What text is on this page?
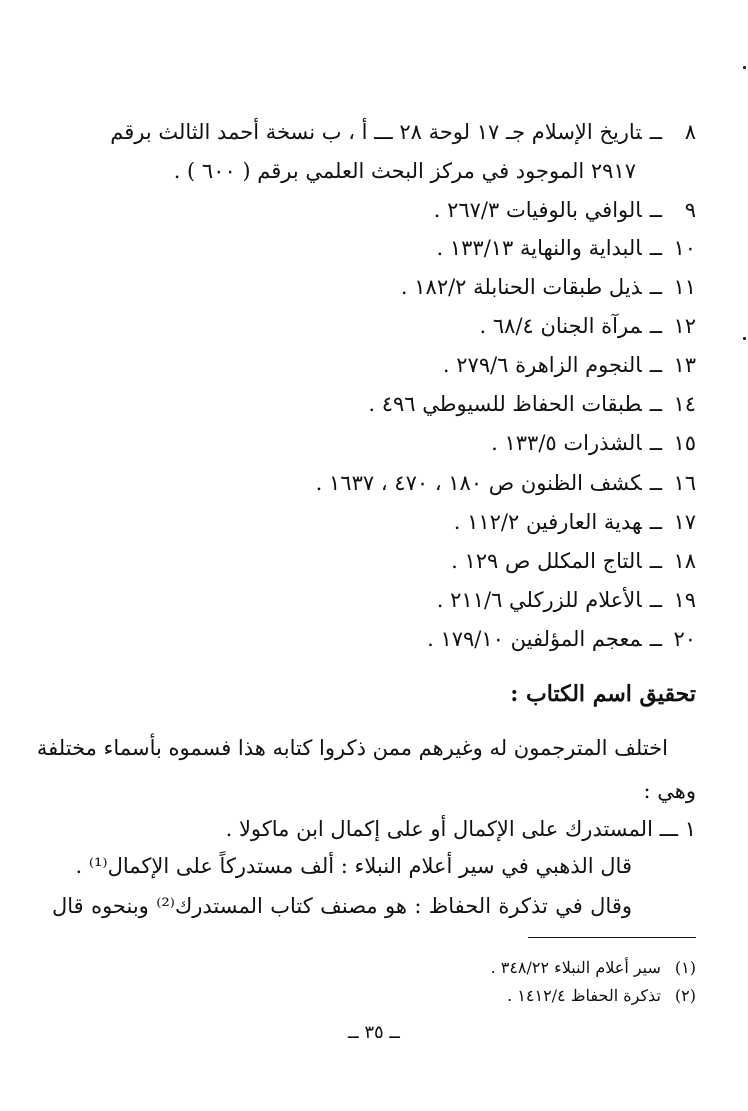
٨ــتاريخ الإسلام جـ ١٧ لوحة ٢٨ ـــ أ ، ب نسخة أحمد الثالث برقم
٢٩١٧ الموجود في مركز البحث العلمي برقم ( ٦٠٠ ) .
٩ــالوافي بالوفيات ٢٦٧/٣ .
١٠ــالبداية والنهاية ١٣٣/١٣ .
١١ــذيل طبقات الحنابلة ١٨٢/٢ .
١٢ــمرآة الجنان ٦٨/٤ .
١٣ــالنجوم الزاهرة ٢٧٩/٦ .
١٤ــطبقات الحفاظ للسيوطي ٤٩٦ .
١٥ــالشذرات ١٣٣/٥ .
١٦ــكشف الظنون ص ١٨٠ ، ٤٧٠ ، ١٦٣٧ .
١٧ــهدية العارفين ١١٢/٢ .
١٨ــالتاج المكلل ص ١٢٩ .
١٩ــالأعلام للزركلي ٢١١/٦ .
٢٠ــمعجم المؤلفين ١٧٩/١٠ .
تحقيق اسم الكتاب :
اختلف المترجمون له وغيرهم ممن ذكروا كتابه هذا فسموه بأسماء مختلفة
وهي :
١ ـــ المستدرك على الإكمال أو على إكمال ابن ماكولا .
قال الذهبي في سير أعلام النبلاء : ألف مستدركاً على الإكمال⁽¹⁾ .
وقال في تذكرة الحفاظ : هو مصنف كتاب المستدرك⁽²⁾ وبنحوه قال
(١) سير أعلام النبلاء ٣٤٨/٢٢ .
(٢) تذكرة الحفاظ ١٤١٢/٤ .
ــ ٣٥ ــ
